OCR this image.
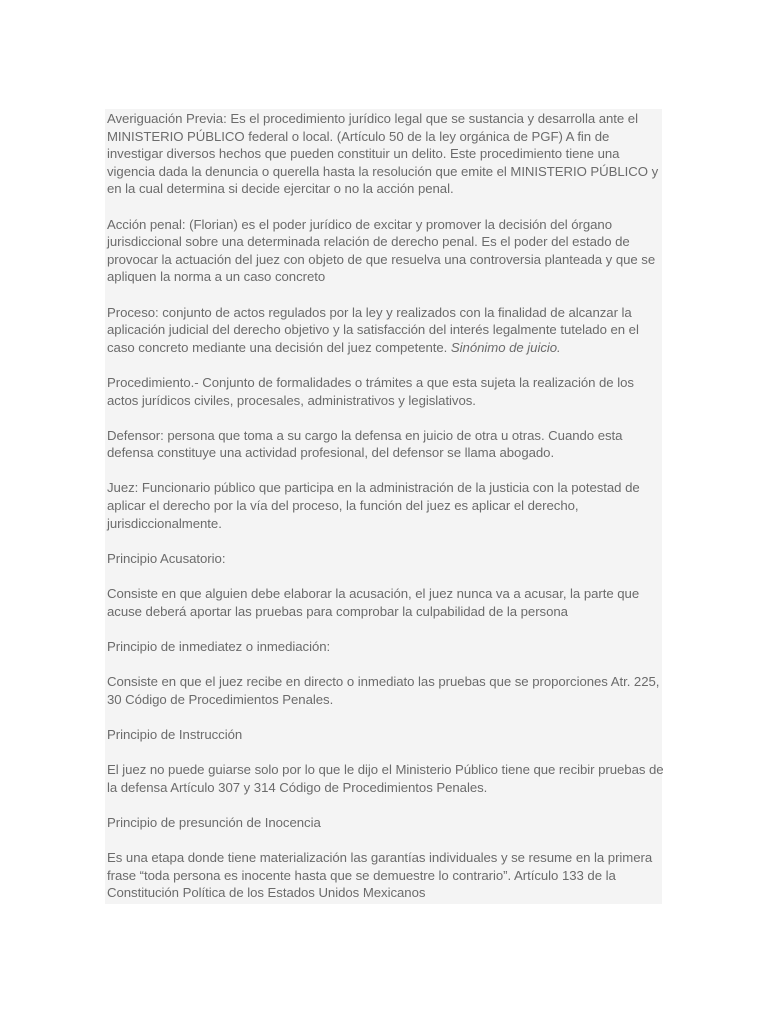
Averiguación Previa: Es el procedimiento jurídico legal que se sustancia y desarrolla ante el MINISTERIO PÚBLICO federal o local. (Artículo 50 de la ley orgánica de PGF) A fin de investigar diversos hechos que pueden constituir un delito. Este procedimiento tiene una vigencia dada la denuncia o querella hasta la resolución que emite el MINISTERIO PÚBLICO y en la cual determina si decide ejercitar o no la acción penal.

Acción penal: (Florian) es el poder jurídico de excitar y promover la decisión del órgano jurisdiccional sobre una determinada relación de derecho penal. Es el poder del estado de provocar la actuación del juez con objeto de que resuelva una controversia planteada y que se apliquen la norma a un caso concreto

Proceso: conjunto de actos regulados por la ley y realizados con la finalidad de alcanzar la aplicación judicial del derecho objetivo y la satisfacción del interés legalmente tutelado en el caso concreto mediante una decisión del juez competente. Sinónimo de juicio.

Procedimiento.- Conjunto de formalidades o trámites a que esta sujeta la realización de los actos jurídicos civiles, procesales, administrativos y legislativos.

Defensor: persona que toma a su cargo la defensa en juicio de otra u otras. Cuando esta defensa constituye una actividad profesional, del defensor se llama abogado.

Juez: Funcionario público que participa en la administración de la justicia con la potestad de aplicar el derecho por la vía del proceso, la función del juez es aplicar el derecho, jurisdiccionalmente.

Principio Acusatorio:

Consiste en que alguien debe elaborar la acusación, el juez nunca va a acusar, la parte que acuse deberá aportar las pruebas para comprobar la culpabilidad de la persona

Principio de inmediatez o inmediación:

Consiste en que el juez recibe en directo o inmediato las pruebas que se proporciones Atr. 225, 30 Código de Procedimientos Penales.

Principio de Instrucción

El juez no puede guiarse solo por lo que le dijo el Ministerio Público tiene que recibir pruebas de la defensa Artículo 307 y 314 Código de Procedimientos Penales.

Principio de presunción de Inocencia

Es una etapa donde tiene materialización las garantías individuales y se resume en la primera frase “toda persona es inocente hasta que se demuestre lo contrario”. Artículo 133 de la Constitución Política de los Estados Unidos Mexicanos
